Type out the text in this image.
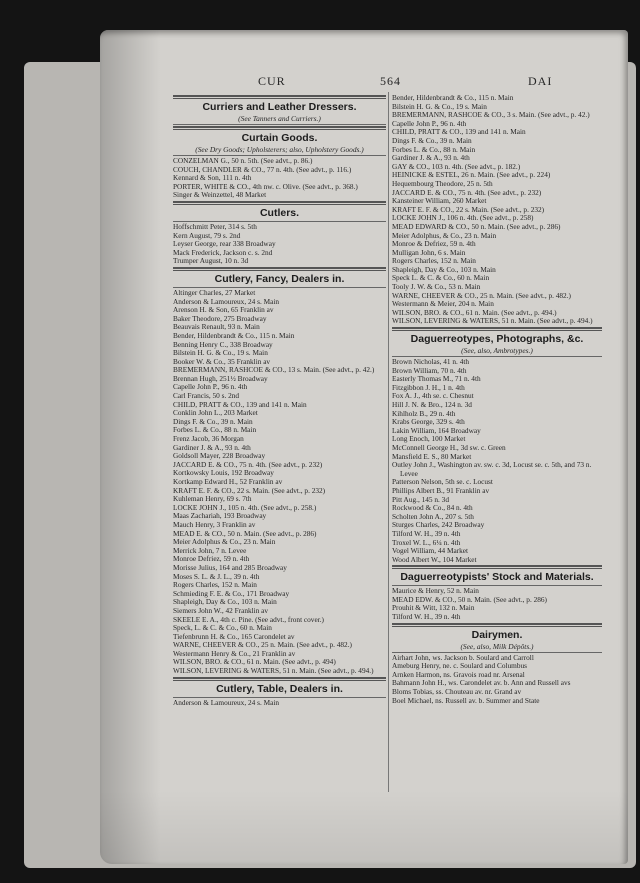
CUR	564	DAI
Curriers and Leather Dressers.
(See Tanners and Curriers.)
Curtain Goods.
(See Dry Goods; Upholsterers; also, Upholstery Goods.)
CONZELMAN G., 50 n. 5th. (See advt., p. 86.)
COUCH, CHANDLER & CO., 77 n. 4th. (See advt., p. 116.)
Kennard & Son, 111 n. 4th
PORTER, WHITE & CO., 4th nw. c. Olive. (See advt., p. 368.)
Singer & Weinzettel, 48 Market
Cutlers.
Hoffschmitt Peter, 314 s. 5th
Kern August, 79 s. 2nd
Leyser George, rear 338 Broadway
Mack Frederick, Jackson c. s. 2nd
Trumper August, 10 n. 3d
Cutlery, Fancy, Dealers in.
Altinger Charles, 27 Market
Anderson & Lamoureux, 24 s. Main
Arenson H. & Son, 65 Franklin av
Baker Theodore, 275 Broadway
Beauvais Renault, 93 n. Main
Bender, Hildenbrandt & Co., 115 n. Main
Benning Henry C., 338 Broadway
Bilstein H. G. & Co., 19 s. Main
Booker W. & Co., 35 Franklin av
BREMERMANN, RASHCOE & CO., 13 s. Main. (See advt., p. 42.)
Brennan Hugh, 251½ Broadway
Capelle John P., 96 n. 4th
Carl Francis, 50 s. 2nd
CHILD, PRATT & CO., 139 and 141 n. Main
Conklin John L., 203 Market
Dings F. & Co., 39 n. Main
Forbes L. & Co., 88 n. Main
Frenz Jacob, 36 Morgan
Gardiner J. & A., 93 n. 4th
Goldsoll Mayer, 228 Broadway
JACCARD E. & CO., 75 n. 4th. (See advt., p. 232)
Kortkowsky Louis, 192 Broadway
Kortkamp Edward H., 52 Franklin av
KRAFT E. F. & CO., 22 s. Main. (See advt., p. 232)
Kuhleman Henry, 69 s. 7th
LOCKE JOHN J., 105 n. 4th. (See advt., p. 258.)
Maas Zachariah, 193 Broadway
Mauch Henry, 3 Franklin av
MEAD E. & CO., 50 n. Main. (See advt., p. 286)
Meier Adolphus & Co., 23 n. Main
Merrick John, 7 n. Levee
Monroe Defriez, 59 n. 4th
Morisse Julius, 164 and 285 Broadway
Moses S. L. & J. L., 39 n. 4th
Rogers Charles, 152 n. Main
Schmieding F. E. & Co., 171 Broadway
Shapleigh, Day & Co., 103 n. Main
Siemers John W., 42 Franklin av
SKEELE E. A., 4th c. Pine. (See advt., front cover.)
Speck, L. & C. & Co., 60 n. Main
Tiefenbrunn H. & Co., 165 Carondelet av
WARNE, CHEEVER & CO., 25 n. Main. (See advt., p. 482.)
Westermann Henry & Co., 21 Franklin av
WILSON, BRO. & CO., 61 n. Main. (See advt., p. 494)
WILSON, LEVERING & WATERS, 51 n. Main. (See advt., p. 494.)
Cutlery, Table, Dealers in.
Anderson & Lamoureux, 24 s. Main
Bender, Hildenbrandt & Co., 115 n. Main
Bilstein H. G. & Co., 19 s. Main
BREMERMANN, RASHCOE & CO., 3 s. Main. (See advt., p. 42.)
Capelle John P., 96 n. 4th
CHILD, PRATT & CO., 139 and 141 n. Main
Dings F. & Co., 39 n. Main
Forbes L. & Co., 88 n. Main
Gardiner J. & A., 93 n. 4th
GAY & CO., 103 n. 4th. (See advt., p. 182.)
HEINICKE & ESTEL, 26 n. Main. (See advt., p. 224)
Hequembourg Theodore, 25 n. 5th
JACCARD E. & CO., 75 n. 4th. (See advt., p. 232)
Kansteiner William, 260 Market
KRAFT E. F. & CO., 22 s. Main. (See advt., p. 232)
LOCKE JOHN J., 106 n. 4th. (See advt., p. 258)
MEAD EDWARD & CO., 50 n. Main. (See advt., p. 286)
Meier Adolphus, & Co., 23 n. Main
Monroe & Defriez, 59 n. 4th
Mulligan John, 6 s. Main
Rogers Charles, 152 n. Main
Shapleigh, Day & Co., 103 n. Main
Speck L. & C. & Co., 60 n. Main
Tooly J. W. & Co., 53 n. Main
WARNE, CHEEVER & CO., 25 n. Main. (See advt., p. 482.)
Westermann & Meier, 204 n. Main
WILSON, BRO. & CO., 61 n. Main. (See advt., p. 494.)
WILSON, LEVERING & WATERS, 51 n. Main. (See advt., p. 494.)
Daguerreotypes, Photographs, &c.
(See, also, Ambrotypes.)
Brown Nicholas, 41 n. 4th
Brown William, 70 n. 4th
Easterly Thomas M., 71 n. 4th
Fitzgibbon J. H., 1 n. 4th
Fox A. J., 4th se. c. Chesnut
Hill J. N. & Bro., 124 n. 3d
Kihlholz B., 29 n. 4th
Krabs George, 329 s. 4th
Lakin William, 164 Broadway
Long Enoch, 100 Market
McConnell George H., 3d sw. c. Green
Mansfield E. S., 80 Market
Outley John J., Washington av. sw. c. 3d, Locust se. c. 5th, and 73 n. Levee
Patterson Nelson, 5th se. c. Locust
Phillips Albert B., 91 Franklin av
Pitt Aug., 145 n. 3d
Rockwood & Co., 84 n. 4th
Scholten John A., 207 s. 5th
Sturges Charles, 242 Broadway
Tilford W. H., 39 n. 4th
Troxel W. L., 6¼ n. 4th
Vogel William, 44 Market
Wood Albert W., 104 Market
Daguerreotypists' Stock and Materials.
Maurice & Henry, 52 n. Main
MEAD EDW. & CO., 50 n. Main. (See advt., p. 286)
Prouhit & Witt, 132 n. Main
Tilford W. H., 39 n. 4th
Dairymen.
(See, also, Milk Dépôts.)
Airhart John, ws. Jackson b. Soulard and Carroll
Ameburg Henry, ne. c. Soulard and Columbus
Arnken Harmon, ns. Gravois road nr. Arsenal
Bahmann John H., ws. Carondelet av. b. Ann and Russell avs
Bloms Tobias, ss. Chouteau av. nr. Grand av
Boel Michael, ns. Russell av. b. Summer and State
